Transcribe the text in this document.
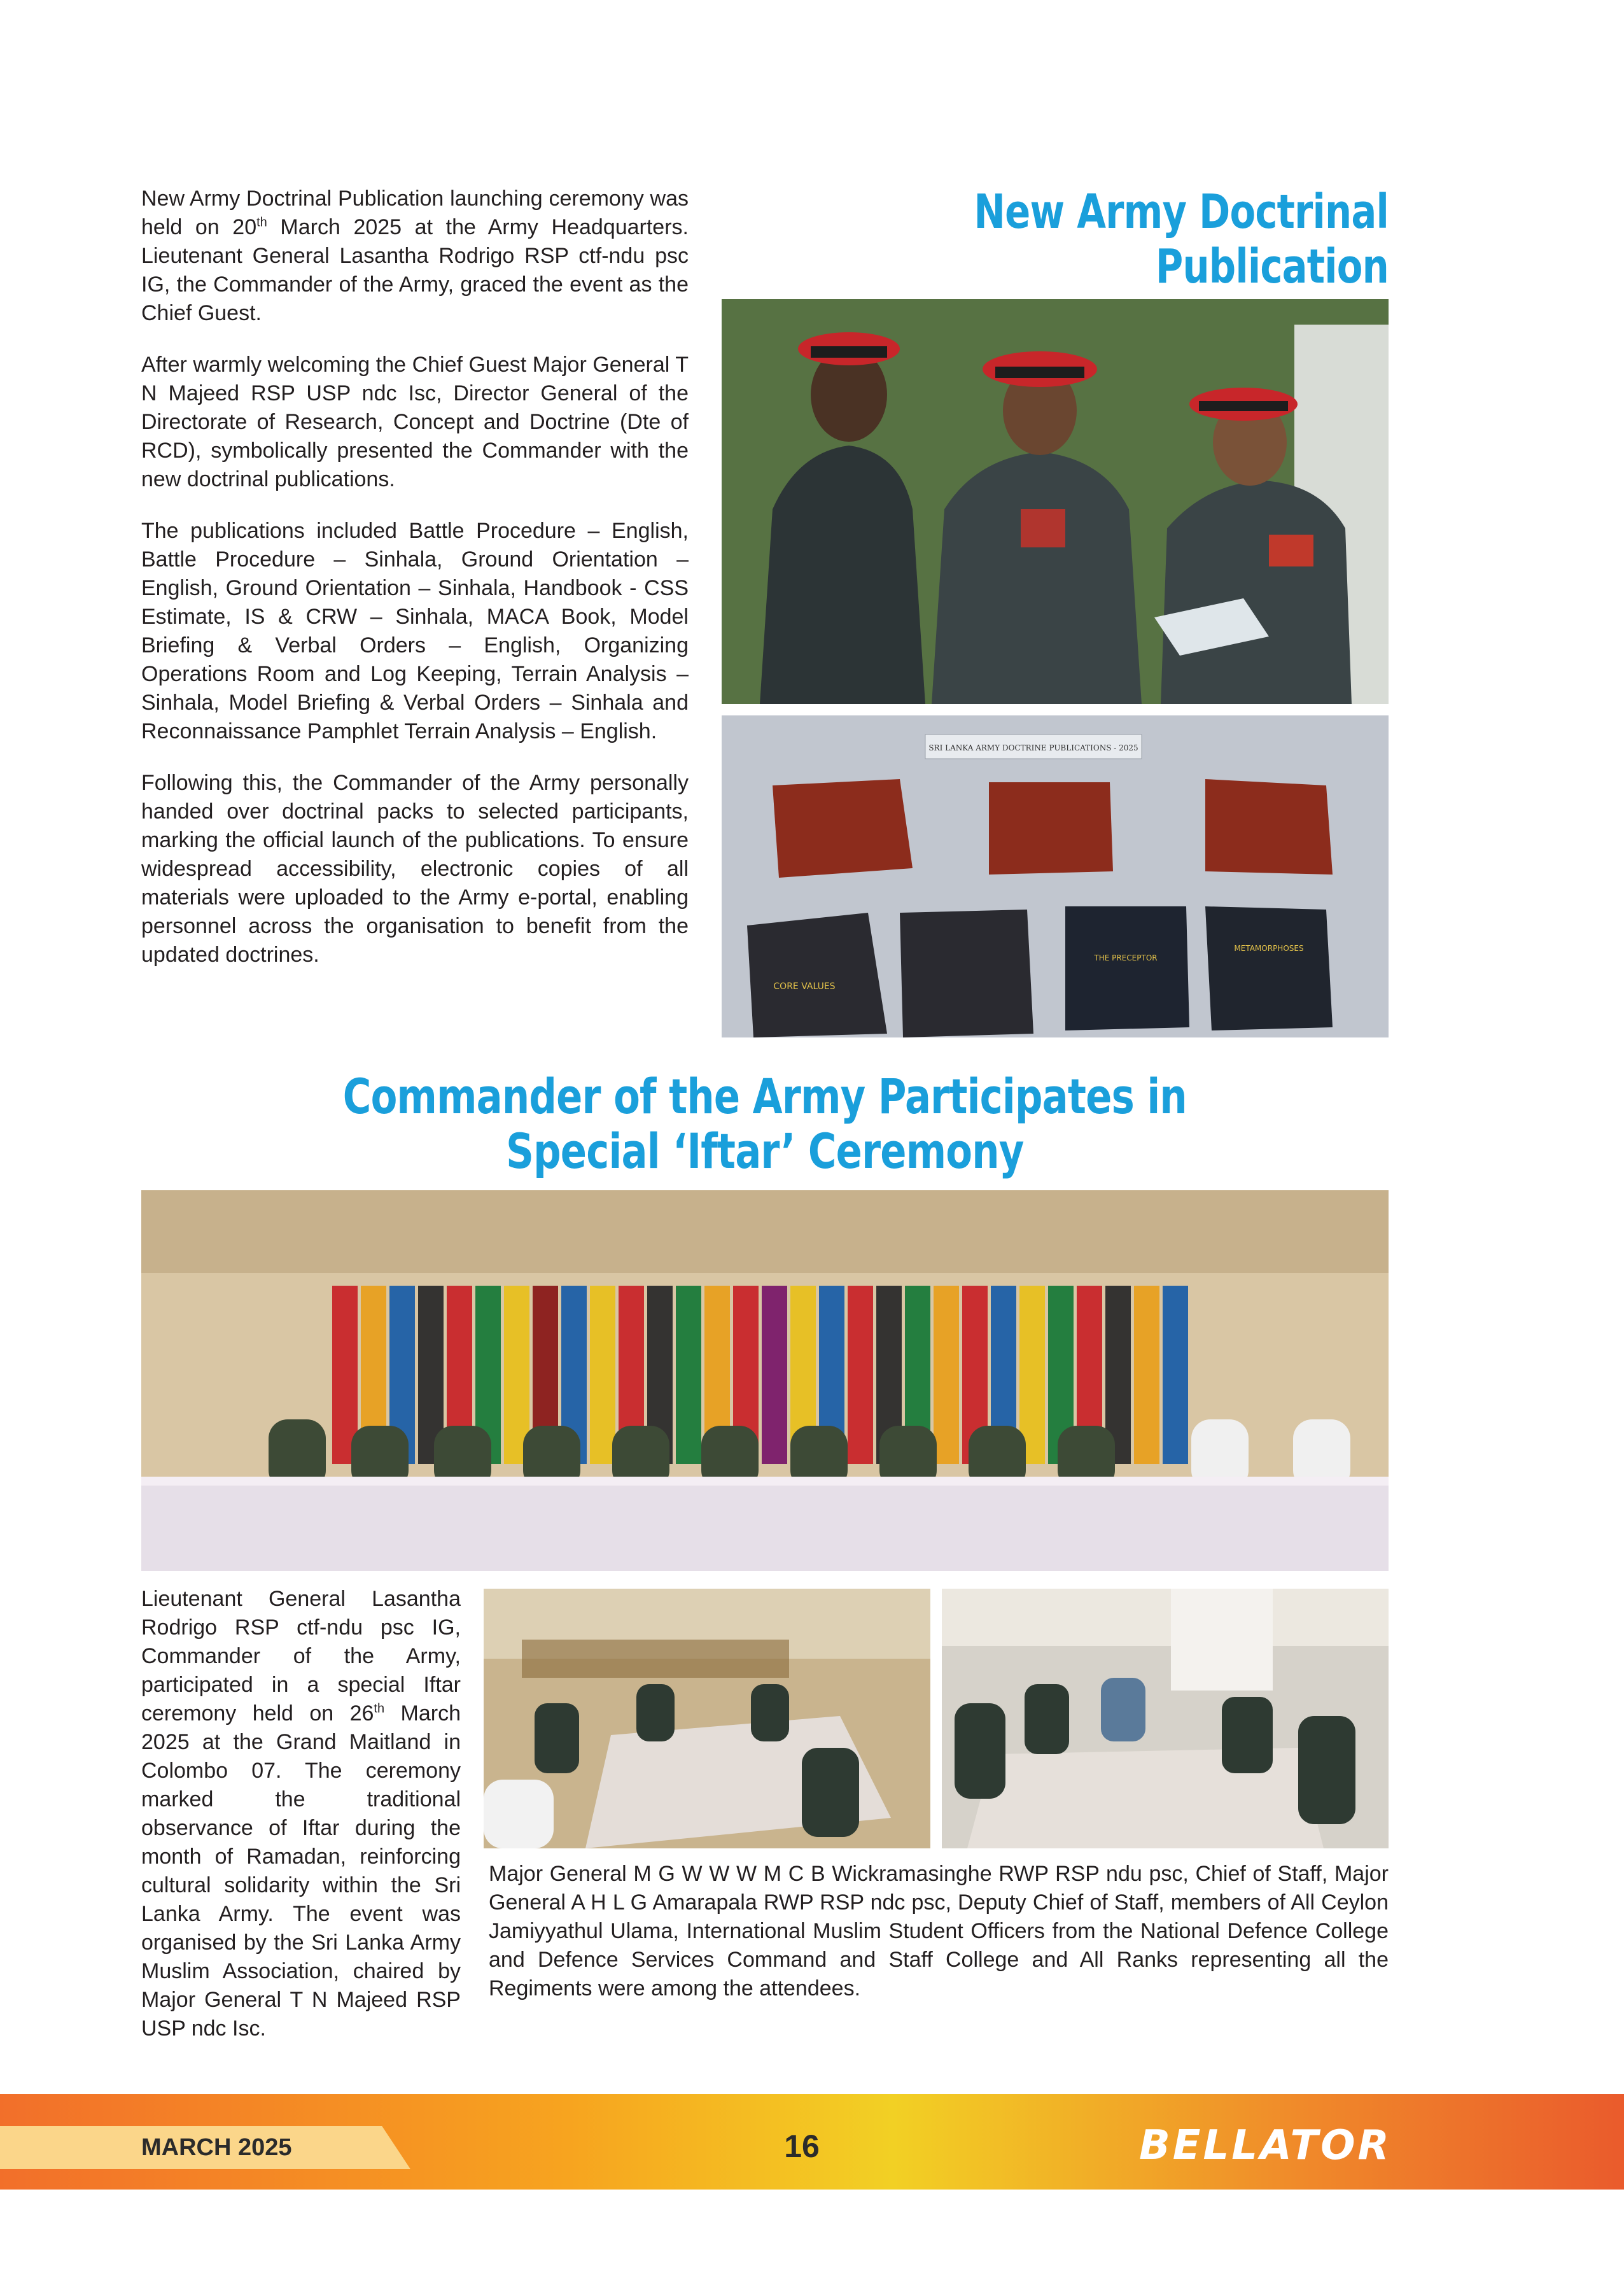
New Army Doctrinal Publication launching ceremony was held on 20th March 2025 at the Army Headquarters. Lieutenant General Lasantha Rodrigo RSP ctf-ndu psc IG, the Commander of the Army, graced the event as the Chief Guest.

After warmly welcoming the Chief Guest Major General T N Majeed RSP USP ndc Isc, Director General of the Directorate of Research, Concept and Doctrine (Dte of RCD), symbolically presented the Commander with the new doctrinal publications.

The publications included Battle Procedure – English, Battle Procedure – Sinhala, Ground Orientation – English, Ground Orientation – Sinhala, Handbook - CSS Estimate, IS & CRW – Sinhala, MACA Book, Model Briefing & Verbal Orders – English, Organizing Operations Room and Log Keeping, Terrain Analysis – Sinhala, Model Briefing & Verbal Orders – Sinhala and Reconnaissance Pamphlet Terrain Analysis – English.

Following this, the Commander of the Army personally handed over doctrinal packs to selected participants, marking the official launch of the publications. To ensure widespread accessibility, electronic copies of all materials were uploaded to the Army e-portal, enabling personnel across the organisation to benefit from the updated doctrines.

New Army Doctrinal Publication
SRI LANKA ARMY DOCTRINE PUBLICATIONS - 2025
CORE VALUES
THE PRECEPTOR
METAMORPHOSES
Commander of the Army Participates in
Special ‘Iftar’ Ceremony
Lieutenant General Lasantha Rodrigo RSP ctf-ndu psc IG, Commander of the Army, participated in a special Iftar ceremony held on 26th March 2025 at the Grand Maitland in Colombo 07. The ceremony marked the traditional observance of Iftar during the month of Ramadan, reinforcing cultural solidarity within the Sri Lanka Army. The event was organised by the Sri Lanka Army Muslim Association, chaired by Major General T N Majeed RSP USP ndc Isc.
Major General M G W W W M C B Wickramasinghe RWP RSP ndu psc, Chief of Staff, Major General A H L G Amarapala RWP RSP ndc psc, Deputy Chief of Staff, members of All Ceylon Jamiyyathul Ulama, International Muslim Student Officers from the National Defence College and Defence Services Command and Staff College and All Ranks representing all the Regiments were among the attendees.
MARCH 2025	16	BELLATOR
